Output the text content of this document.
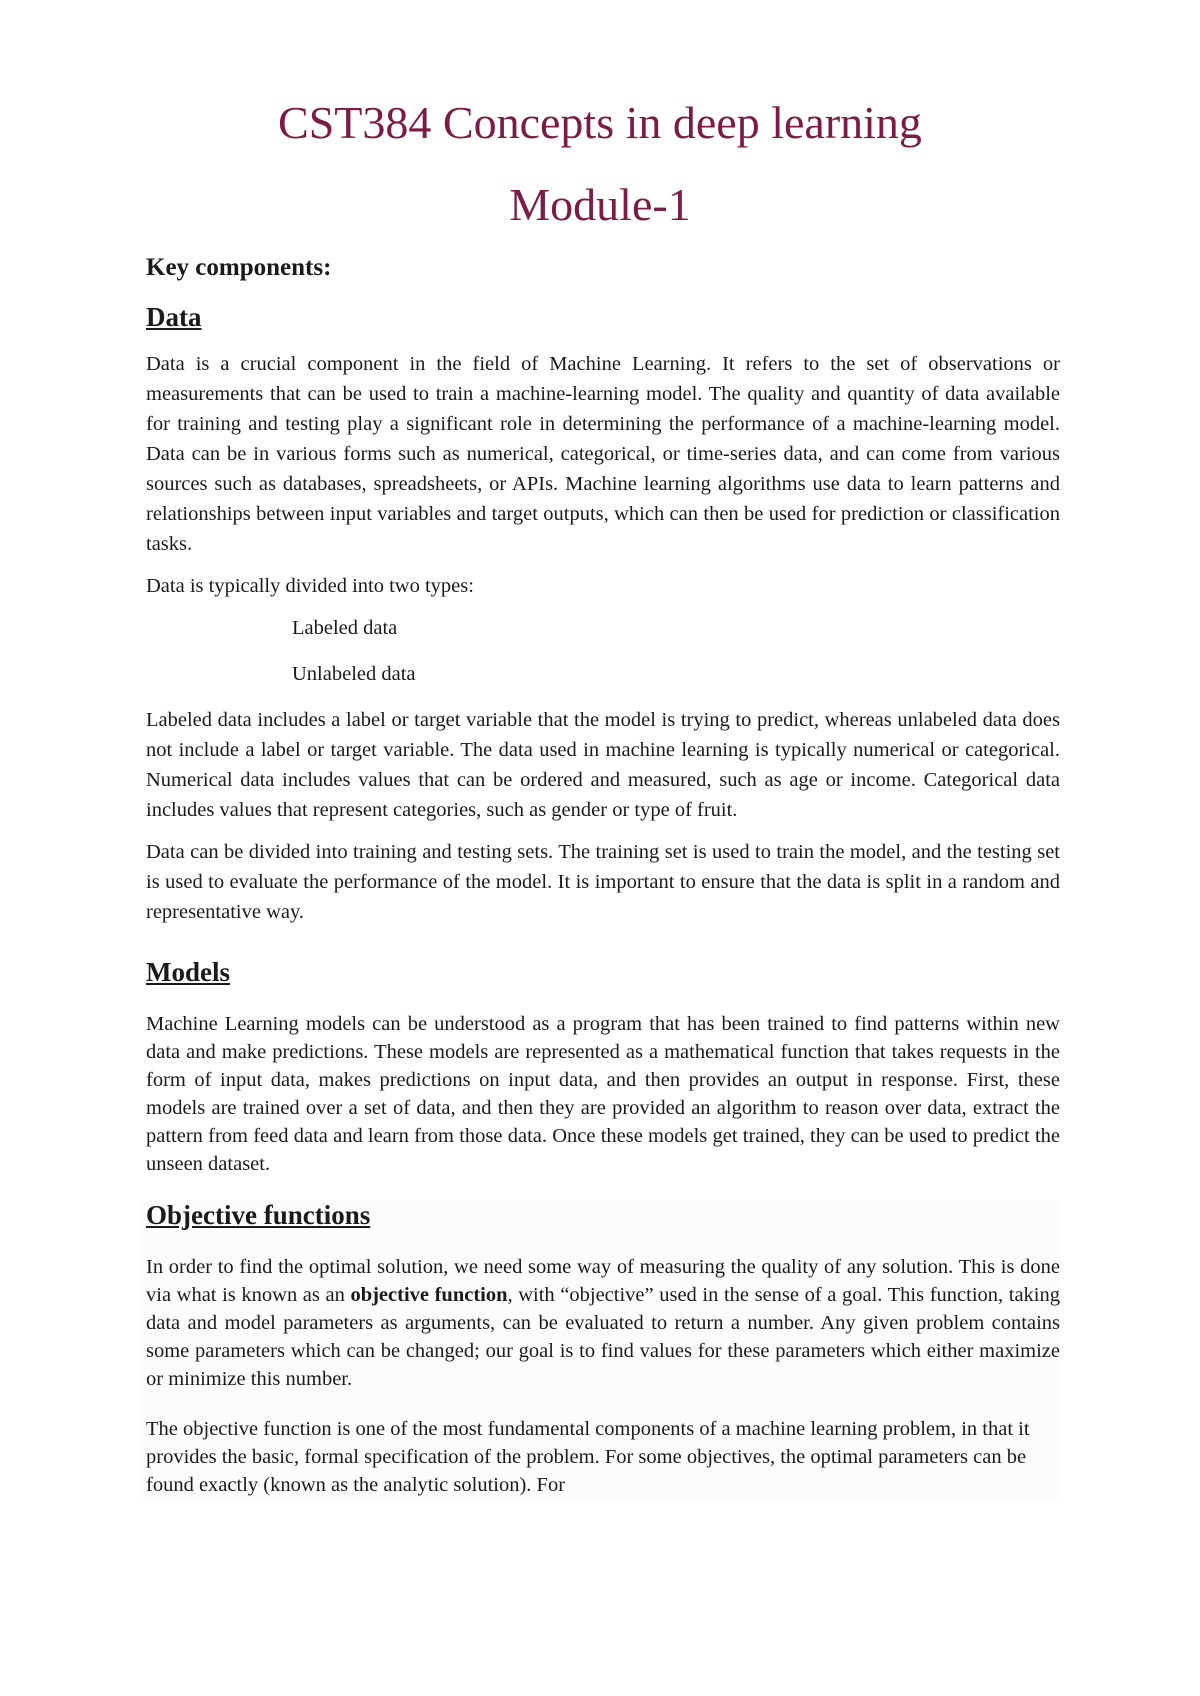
CST384 Concepts in deep learning
Module-1

Key components:

Data

Data is a crucial component in the field of Machine Learning. It refers to the set of observations or measurements that can be used to train a machine-learning model. The quality and quantity of data available for training and testing play a significant role in determining the performance of a machine-learning model. Data can be in various forms such as numerical, categorical, or time-series data, and can come from various sources such as databases, spreadsheets, or APIs. Machine learning algorithms use data to learn patterns and relationships between input variables and target outputs, which can then be used for prediction or classification tasks.

Data is typically divided into two types:

Labeled data

Unlabeled data

Labeled data includes a label or target variable that the model is trying to predict, whereas unlabeled data does not include a label or target variable. The data used in machine learning is typically numerical or categorical. Numerical data includes values that can be ordered and measured, such as age or income. Categorical data includes values that represent categories, such as gender or type of fruit.

Data can be divided into training and testing sets. The training set is used to train the model, and the testing set is used to evaluate the performance of the model. It is important to ensure that the data is split in a random and representative way.

Models

Machine Learning models can be understood as a program that has been trained to find patterns within new data and make predictions. These models are represented as a mathematical function that takes requests in the form of input data, makes predictions on input data, and then provides an output in response. First, these models are trained over a set of data, and then they are provided an algorithm to reason over data, extract the pattern from feed data and learn from those data. Once these models get trained, they can be used to predict the unseen dataset.

Objective functions

In order to find the optimal solution, we need some way of measuring the quality of any solution. This is done via what is known as an objective function, with “objective” used in the sense of a goal. This function, taking data and model parameters as arguments, can be evaluated to return a number. Any given problem contains some parameters which can be changed; our goal is to find values for these parameters which either maximize or minimize this number.

The objective function is one of the most fundamental components of a machine learning problem, in that it provides the basic, formal specification of the problem. For some objectives, the optimal parameters can be found exactly (known as the analytic solution). For
